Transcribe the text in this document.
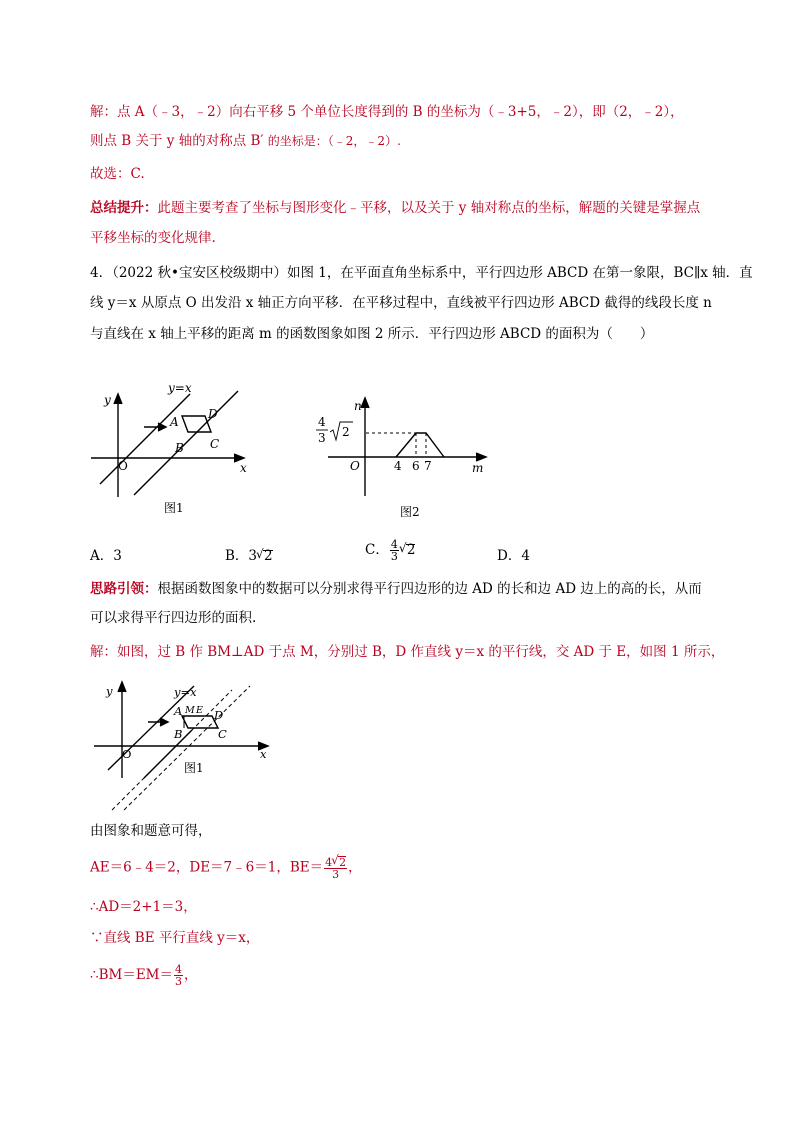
解：点 A（﹣3，﹣2）向右平移 5 个单位长度得到的 B 的坐标为（﹣3+5，﹣2），即（2，﹣2），
则点 B 关于 y 轴的对称点 B′ 的坐标是：（﹣2，﹣2）.
故选：C.
总结提升：此题主要考查了坐标与图形变化﹣平移，以及关于 y 轴对称点的坐标，解题的关键是掌握点
平移坐标的变化规律.
4．（2022 秋•宝安区校级期中）如图 1，在平面直角坐标系中，平行四边形 ABCD 在第一象限，BC∥x 轴．直
线 y＝x 从原点 O 出发沿 x 轴正方向平移．在平移过程中，直线被平行四边形 ABCD 截得的线段长度 n
与直线在 x 轴上平移的距离 m 的函数图象如图 2 所示．平行四边形 ABCD 的面积为（　　）
y
x
O
y=x
A
D
B C
图1
n
m
O
4
3 2
4 6 7
图2
A．3	B．3 √ 2	C． $\frac{4}{3}$ √ 2	D．4
思路引领：根据函数图象中的数据可以分别求得平行四边形的边 AD 的长和边 AD 边上的高的长，从而
可以求得平行四边形的面积.
解：如图，过 B 作 BM⊥AD 于点 M，分别过 B，D 作直线 y＝x 的平行线，交 AD 于 E，如图 1 所示，
y
x
O
y=x
A M E D
B	C
图1
由图象和题意可得，
AE＝6﹣4＝2，DE＝7﹣6＝1，$BE= \frac{4 √ 2}{3}$ ，
∴AD＝2+1＝3，
∵直线 BE 平行直线 y＝x，
∴BM＝EM＝ $\frac{4}{3}$ ，
